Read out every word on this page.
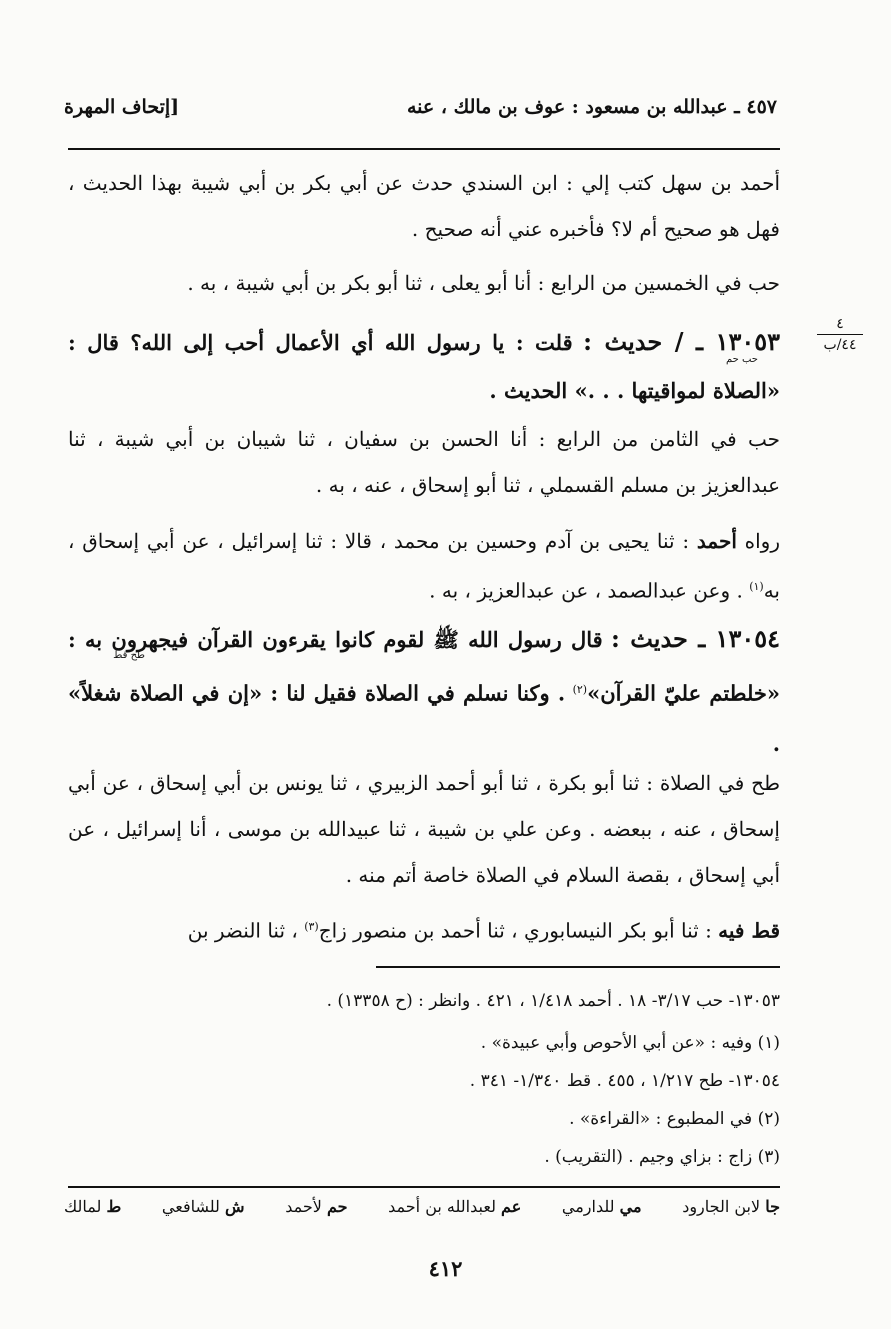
[إتحاف المهرة	٤٥٧ ـ عبدالله بن مسعود : عوف بن مالك ، عنه
أحمد بن سهل كتب إلي : ابن السندي حدث عن أبي بكر بن أبي شيبة بهذا الحديث ، فهل هو صحيح أم لا؟ فأخبره عني أنه صحيح .
حب في الخمسين من الرابع : أنا أبو يعلى ، ثنا أبو بكر بن أبي شيبة ، به .
١٣٠٥٣ ـ / حديث : قلت : يا رسول الله أي الأعمال أحب إلى الله؟ قال : «الصلاة لمواقيتها . . .» الحديث .
حب حم
٤
٤٤/ب
حب في الثامن من الرابع : أنا الحسن بن سفيان ، ثنا شيبان بن أبي شيبة ، ثنا عبدالعزيز بن مسلم القسملي ، ثنا أبو إسحاق ، عنه ، به .
رواه أحمد : ثنا يحيى بن آدم وحسين بن محمد ، قالا : ثنا إسرائيل ، عن أبي إسحاق ، به$^{(١)}$ . وعن عبدالصمد ، عن عبدالعزيز ، به .
١٣٠٥٤ ـ حديث : قال رسول الله ﷺ لقوم كانوا يقرءون القرآن فيجهرون به : «خلطتم عليّ القرآن»$^{(٢)}$ . وكنا نسلم في الصلاة فقيل لنا : «إن في الصلاة شغلاً» .
طح قط
طح في الصلاة : ثنا أبو بكرة ، ثنا أبو أحمد الزبيري ، ثنا يونس بن أبي إسحاق ، عن أبي إسحاق ، عنه ، ببعضه . وعن علي بن شيبة ، ثنا عبيدالله بن موسى ، أنا إسرائيل ، عن أبي إسحاق ، بقصة السلام في الصلاة خاصة أتم منه .
قط فيه : ثنا أبو بكر النيسابوري ، ثنا أحمد بن منصور زاج$^{(٣)}$ ، ثنا النضر بن
١٣٠٥٣- حب ٣/١٧- ١٨ . أحمد ١/٤١٨ ، ٤٢١ . وانظر : (ح ١٣٣٥٨) .
(١) وفيه : «عن أبي الأحوص وأبي عبيدة» .
١٣٠٥٤- طح ١/٢١٧ ، ٤٥٥ . قط ١/٣٤٠- ٣٤١ .
(٢) في المطبوع : «القراءة» .
(٣) زاج : بزاي وجيم . (التقريب) .
ط لمالك	ش للشافعي	حم لأحمد	عم لعبدالله بن أحمد	مي للدارمي	جا لابن الجارود
٤١٢
